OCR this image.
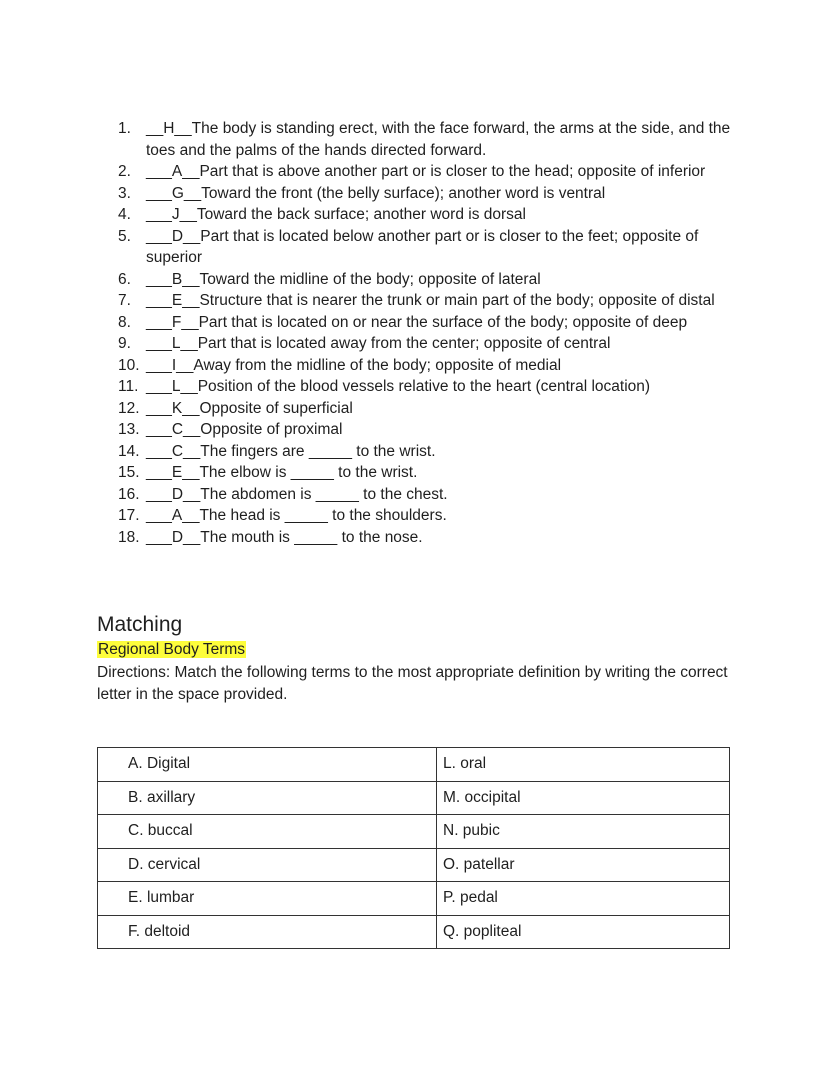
1. __H__The body is standing erect, with the face forward, the arms at the side, and the toes and the palms of the hands directed forward.
2. ___A__Part that is above another part or is closer to the head; opposite of inferior
3. ___G__Toward the front (the belly surface); another word is ventral
4. ___J__Toward the back surface; another word is dorsal
5. ___D__Part that is located below another part or is closer to the feet; opposite of superior
6. ___B__Toward the midline of the body; opposite of lateral
7. ___E__Structure that is nearer the trunk or main part of the body; opposite of distal
8. ___F__Part that is located on or near the surface of the body; opposite of deep
9. ___L__Part that is located away from the center; opposite of central
10. ___I__Away from the midline of the body; opposite of medial
11. ___L__Position of the blood vessels relative to the heart (central location)
12. ___K__Opposite of superficial
13. ___C__Opposite of proximal
14. ___C__The fingers are _____ to the wrist.
15. ___E__The elbow is _____ to the wrist.
16. ___D__The abdomen is _____ to the chest.
17. ___A__The head is _____ to the shoulders.
18. ___D__The mouth is _____ to the nose.
Matching
Regional Body Terms
Directions: Match the following terms to the most appropriate definition by writing the correct letter in the space provided.
A. Digital	L. oral
B. axillary	M. occipital
C. buccal	N. pubic
D. cervical	O. patellar
E. lumbar	P. pedal
F. deltoid	Q. popliteal
